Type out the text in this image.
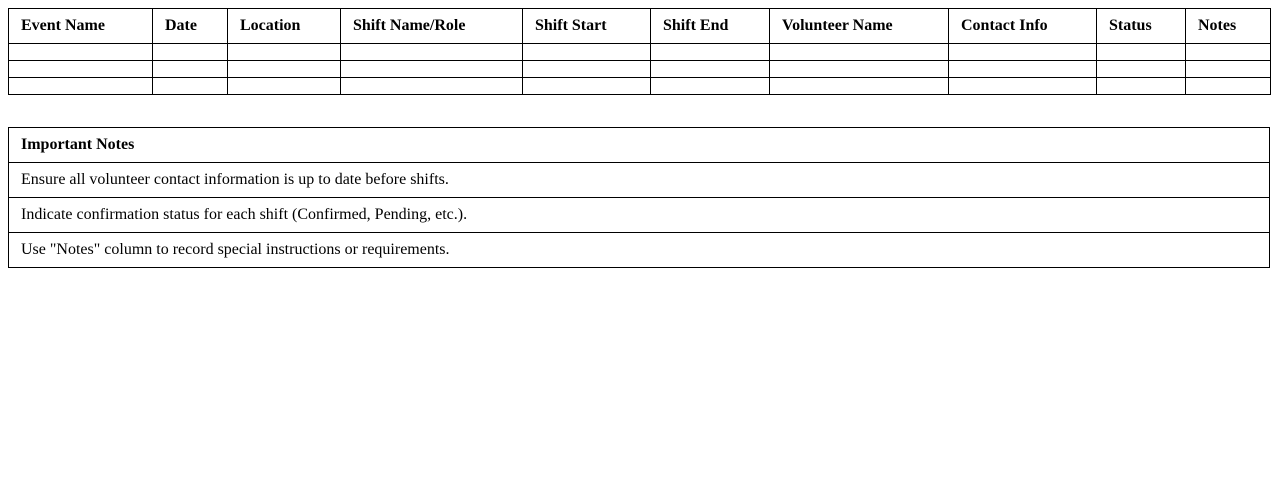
Event Name	Date	Location	Shift Name/Role	Shift Start	Shift End	Volunteer Name	Contact Info	Status	Notes

Important Notes
Ensure all volunteer contact information is up to date before shifts.
Indicate confirmation status for each shift (Confirmed, Pending, etc.).
Use "Notes" column to record special instructions or requirements.
